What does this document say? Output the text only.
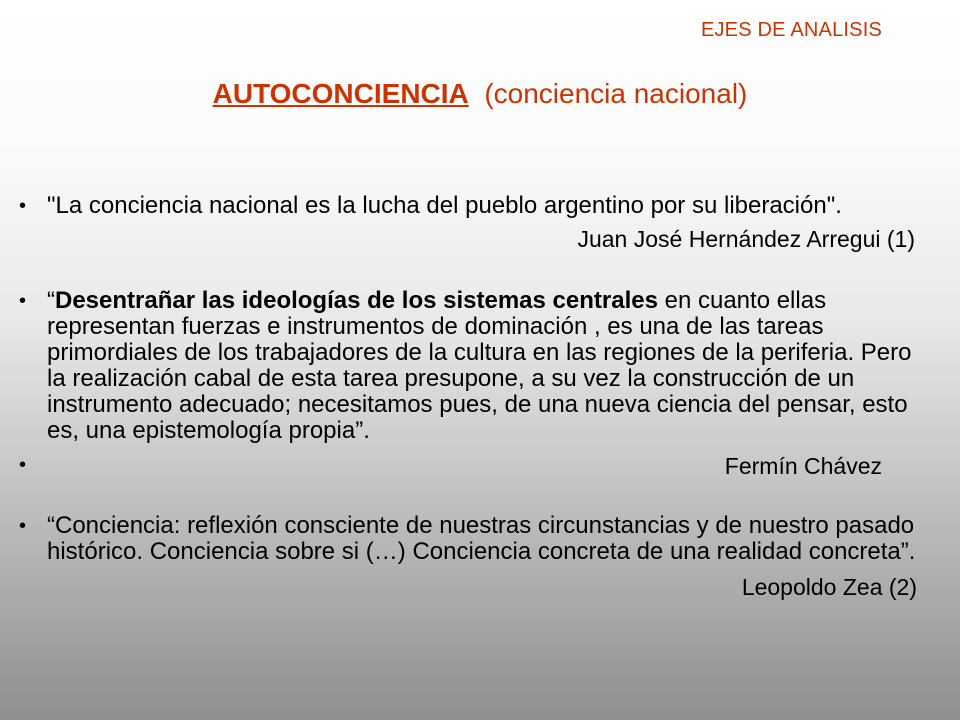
EJES DE ANALISIS
AUTOCONCIENCIA (conciencia nacional)
• "La conciencia nacional es la lucha del pueblo argentino por su liberación".
Juan José Hernández Arregui (1)
• “Desentrañar las ideologías de los sistemas centrales en cuanto ellas representan fuerzas e instrumentos de dominación , es una de las tareas primordiales de los trabajadores de la cultura en las regiones de la periferia. Pero la realización cabal de esta tarea presupone, a su vez la construcción de un instrumento adecuado; necesitamos pues, de una nueva ciencia del pensar, esto es, una epistemología propia”.
•	Fermín Chávez
• “Conciencia: reflexión consciente de nuestras circunstancias y de nuestro pasado histórico. Conciencia sobre si (…) Conciencia concreta de una realidad concreta”.
Leopoldo Zea (2)
